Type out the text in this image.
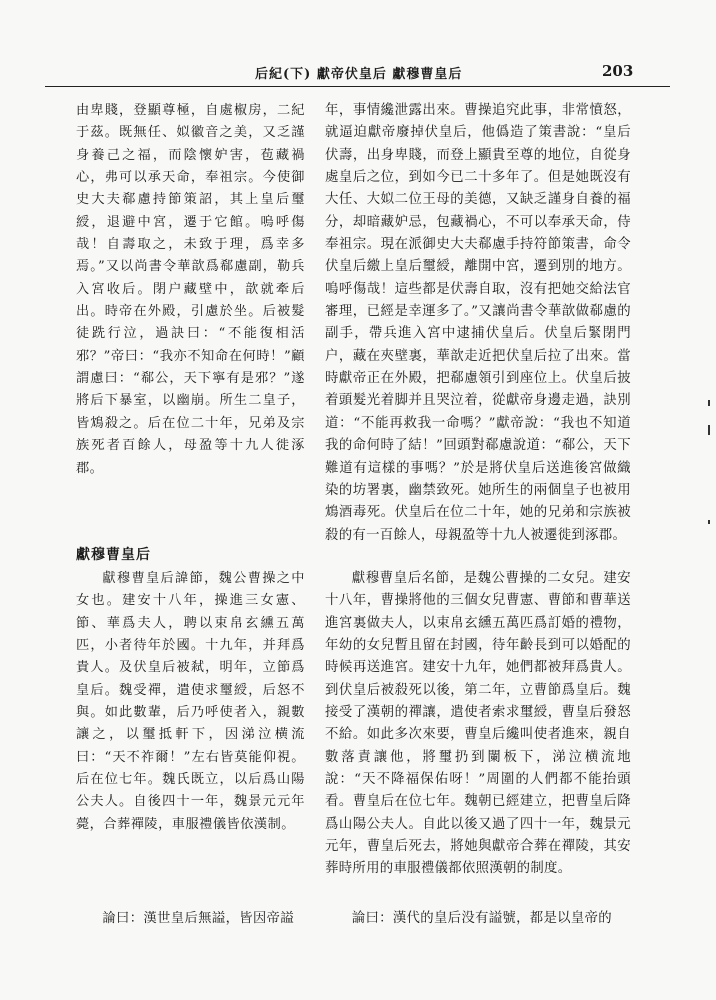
后紀(下) 獻帝伏皇后 獻穆曹皇后	203

由卑賤，登顯尊極，自處椒房，二紀于茲。既無任、姒徽音之美，又乏謹身養己之福，而陰懷妒害，苞藏禍心，弗可以承天命，奉祖宗。今使御史大夫郗慮持節策詔，其上皇后璽綬，退避中宮，遷于它館。嗚呼傷哉！自壽取之，未致于理，爲幸多焉。”又以尚書令華歆爲郗慮副，勒兵入宮收后。閉户藏壁中，歆就牽后出。時帝在外殿，引慮於坐。后被髮徒跣行泣，過訣曰：“不能復相活邪？”帝曰：“我亦不知命在何時！”顧謂慮曰：“郗公，天下寧有是邪？”遂將后下暴室，以幽崩。所生二皇子，皆鴆殺之。后在位二十年，兄弟及宗族死者百餘人，母盈等十九人徙涿郡。

獻穆曹皇后

獻穆曹皇后諱節，魏公曹操之中女也。建安十八年，操進三女憲、節、華爲夫人，聘以束帛玄纁五萬匹，小者待年於國。十九年，并拜爲貴人。及伏皇后被弒，明年，立節爲皇后。魏受禪，遣使求璽綬，后怒不與。如此數輩，后乃呼使者入，親數讓之，以璽抵軒下，因涕泣横流曰：“天不祚爾！”左右皆莫能仰視。后在位七年。魏氏既立，以后爲山陽公夫人。自後四十一年，魏景元元年薨，合葬禪陵，車服禮儀皆依漢制。

論曰：漢世皇后無謚，皆因帝謚

年，事情纔泄露出來。曹操追究此事，非常憤怒，就逼迫獻帝廢掉伏皇后，他僞造了策書說：“皇后伏壽，出身卑賤，而登上顯貴至尊的地位，自從身處皇后之位，到如今已二十多年了。但是她既沒有大任、大姒二位王母的美德，又缺乏謹身自養的福分，却暗藏妒忌，包藏禍心，不可以奉承天命，侍奉祖宗。現在派御史大夫郗慮手持符節策書，命令伏皇后繳上皇后璽綬，離開中宮，遷到別的地方。嗚呼傷哉！這些都是伏壽自取，沒有把她交給法官審理，已經是幸運多了。”又讓尚書令華歆做郗慮的副手，帶兵進入宮中逮捕伏皇后。伏皇后緊閉門户，藏在夾壁裏，華歆走近把伏皇后拉了出來。當時獻帝正在外殿，把郗慮領引到座位上。伏皇后披着頭髮光着脚并且哭泣着，從獻帝身邊走過，訣別道：“不能再救我一命嗎？”獻帝說：“我也不知道我的命何時了結！”回頭對郗慮說道：“郗公，天下難道有這樣的事嗎？”於是將伏皇后送進後宮做織染的坊署裏，幽禁致死。她所生的兩個皇子也被用鴆酒毒死。伏皇后在位二十年，她的兄弟和宗族被殺的有一百餘人，母親盈等十九人被遷徙到涿郡。

獻穆曹皇后名節，是魏公曹操的二女兒。建安十八年，曹操將他的三個女兒曹憲、曹節和曹華送進宮裏做夫人，以束帛玄纁五萬匹爲訂婚的禮物，年幼的女兒暫且留在封國，待年齡長到可以婚配的時候再送進宮。建安十九年，她們都被拜爲貴人。到伏皇后被殺死以後，第二年，立曹節爲皇后。魏接受了漢朝的禪讓，遣使者索求璽綬，曹皇后發怒不給。如此多次來要，曹皇后纔叫使者進來，親自數落責讓他，將璽扔到闌板下，涕泣横流地說：“天不降福保佑呀！”周圍的人們都不能抬頭看。曹皇后在位七年。魏朝已經建立，把曹皇后降爲山陽公夫人。自此以後又過了四十一年，魏景元元年，曹皇后死去，將她與獻帝合葬在禪陵，其安葬時所用的車服禮儀都依照漢朝的制度。

論曰：漢代的皇后没有謚號，都是以皇帝的
